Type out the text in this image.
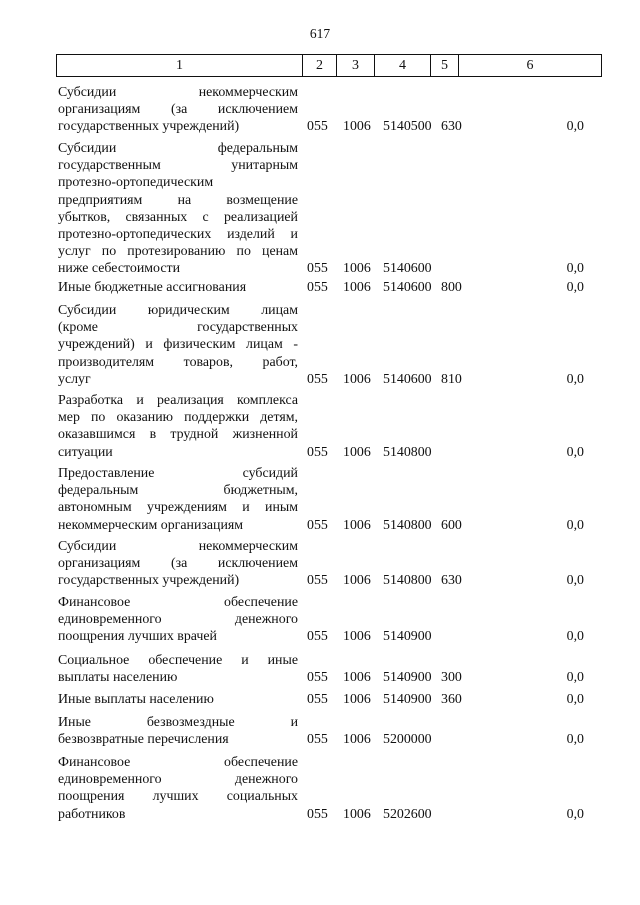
617
1	2	3	4	5	6
Субсидии некоммерческим
организациям (за исключением
государственных учреждений)	055 1006 5140500 630	0,0
Субсидии федеральным
государственным унитарным
протезно-ортопедическим
предприятиям на возмещение
убытков, связанных с реализацией
протезно-ортопедических изделий и
услуг по протезированию по ценам
ниже себестоимости	055 1006 5140600	0,0
Иные бюджетные ассигнования	055 1006 5140600 800	0,0
Субсидии юридическим лицам
(кроме государственных
учреждений) и физическим лицам -
производителям товаров, работ,
услуг	055 1006 5140600 810	0,0
Разработка и реализация комплекса
мер по оказанию поддержки детям,
оказавшимся в трудной жизненной
ситуации	055 1006 5140800	0,0
Предоставление субсидий
федеральным бюджетным,
автономным учреждениям и иным
некоммерческим организациям	055 1006 5140800 600	0,0
Субсидии некоммерческим
организациям (за исключением
государственных учреждений)	055 1006 5140800 630	0,0
Финансовое обеспечение
единовременного денежного
поощрения лучших врачей	055 1006 5140900	0,0
Социальное обеспечение и иные
выплаты населению	055 1006 5140900 300	0,0
Иные выплаты населению	055 1006 5140900 360	0,0
Иные безвозмездные и
безвозвратные перечисления	055 1006 5200000	0,0
Финансовое обеспечение
единовременного денежного
поощрения лучших социальных
работников	055 1006 5202600	0,0
